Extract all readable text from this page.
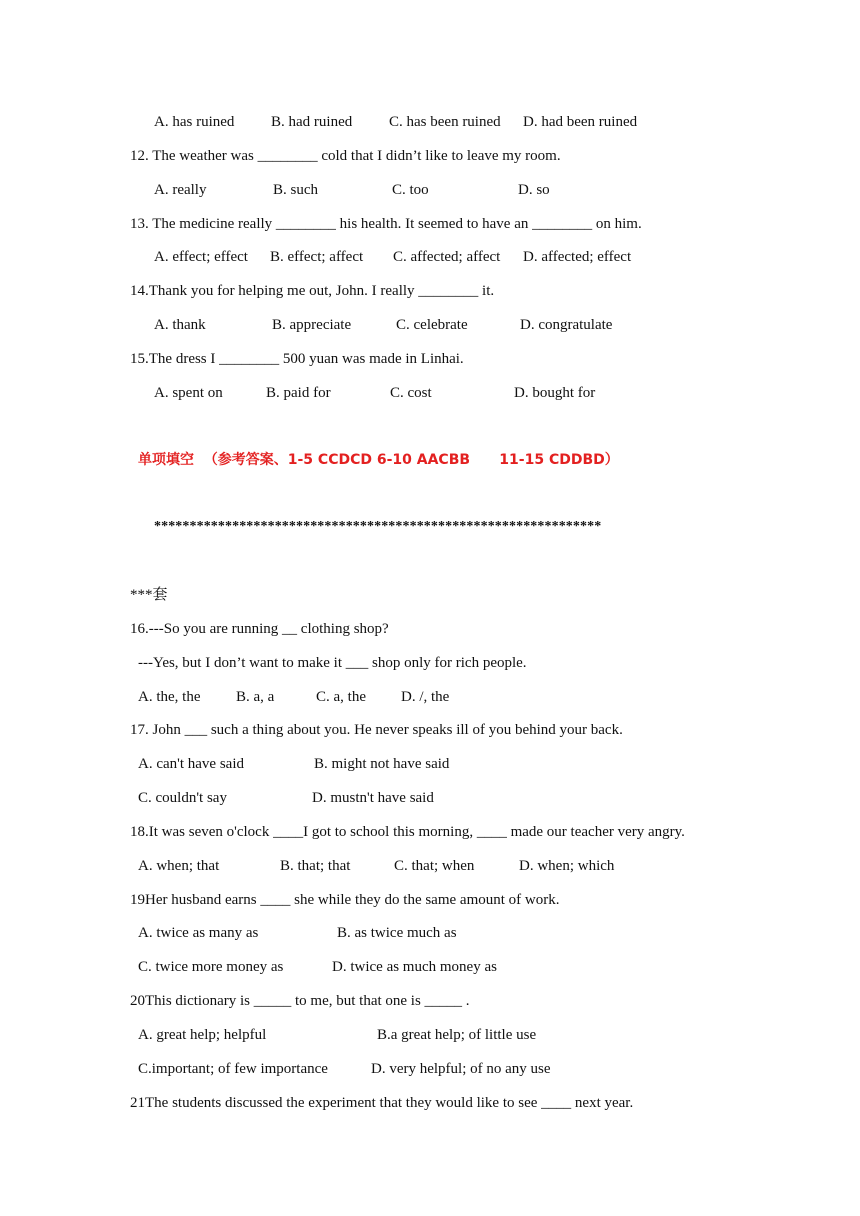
A. has ruined B. had ruined C. has been ruined D. had been ruined
12. The weather was ________ cold that I didn’t like to leave my room.
A. really	B. such	C. too	D. so
13. The medicine really ________ his health. It seemed to have an ________ on him.
A. effect; effect B. effect; affect C. affected; affect D. affected; effect
14.Thank you for helping me out, John. I really ________ it.
A. thank	B. appreciate	C. celebrate	D. congratulate
15.The dress I ________ 500 yuan was made in Linhai.
A. spent on	B. paid for	C. cost	D. bought for
单项填空  （参考答案、1-5 CCDCD 6-10 AACBB      11-15 CDDBD）
***************************************************************
***套
16.---So you are running __ clothing shop?
---Yes, but I don’t want to make it ___ shop only for rich people.
A. the, the B. a, a	C. a, the D. /, the
17. John ___ such a thing about you. He never speaks ill of you behind your back.
A. can't have said	B. might not have said
C. couldn't say	D. mustn't have said
18.It was seven o'clock ____I got to school this morning, ____ made our teacher very angry.
A. when; that	B. that; that	C. that; when	D. when; which
19Her husband earns ____ she while they do the same amount of work.
A. twice as many as	B. as twice much as
C. twice more money as	D. twice as much money as
20This dictionary is _____ to me, but that one is _____ .
A. great help; helpful	B.a great help; of little use
C.important; of few importance	D. very helpful; of no any use
21The students discussed the experiment that they would like to see ____ next year.
